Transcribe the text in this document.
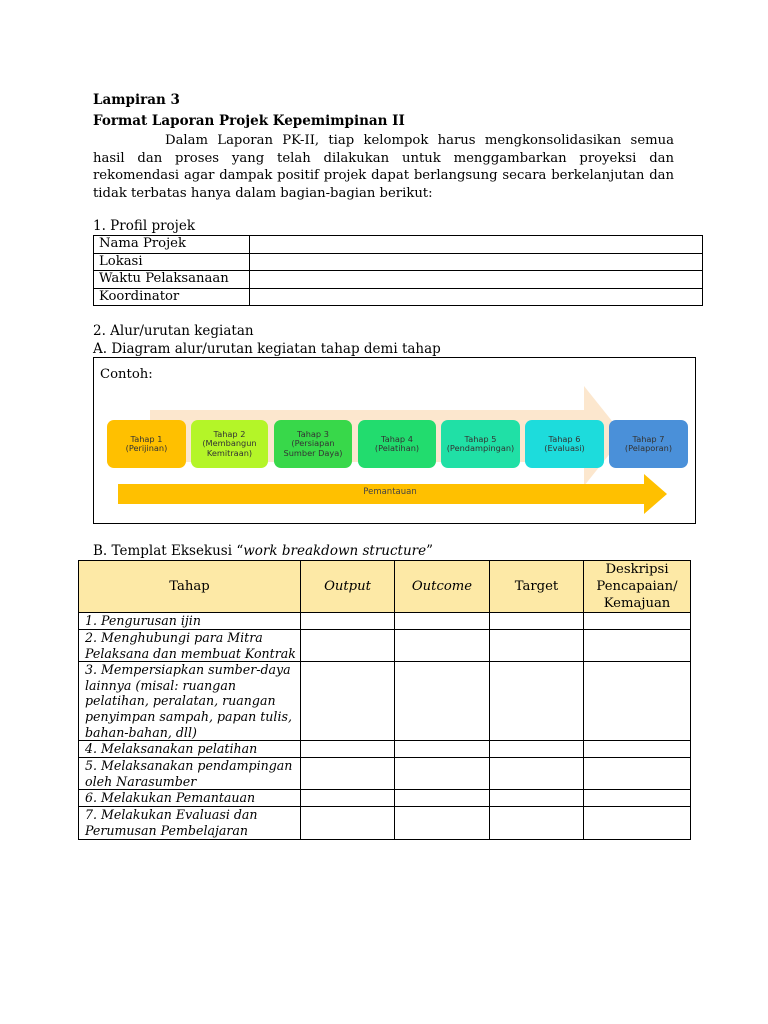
Lampiran 3
Format Laporan Projek Kepemimpinan II
Dalam Laporan PK-II, tiap kelompok harus mengkonsolidasikan semua hasil dan proses yang telah dilakukan untuk menggambarkan proyeksi dan rekomendasi agar dampak positif projek dapat berlangsung secara berkelanjutan dan tidak terbatas hanya dalam bagian-bagian berikut:
1. Profil projek
Nama Projek	
Lokasi	
Waktu Pelaksanaan	
Koordinator	
2. Alur/urutan kegiatan
A. Diagram alur/urutan kegiatan tahap demi tahap
Contoh:
Tahap 1
(Perijinan)
Tahap 2
(Membangun
Kemitraan)
Tahap 3
(Persiapan
Sumber Daya)
Tahap 4
(Pelatihan)
Tahap 5
(Pendampingan)
Tahap 6
(Evaluasi)
Tahap 7
(Pelaporan)
Pemantauan
B. Templat Eksekusi “work breakdown structure”
Tahap	Output	Outcome	Target	Deskripsi Pencapaian/ Kemajuan
1. Pengurusan ijin				
2. Menghubungi para Mitra Pelaksana dan membuat Kontrak				
3. Mempersiapkan sumber-daya lainnya (misal: ruangan pelatihan, peralatan, ruangan penyimpan sampah, papan tulis, bahan-bahan, dll)				
4. Melaksanakan pelatihan				
5. Melaksanakan pendampingan oleh Narasumber				
6. Melakukan Pemantauan				
7. Melakukan Evaluasi dan Perumusan Pembelajaran				
